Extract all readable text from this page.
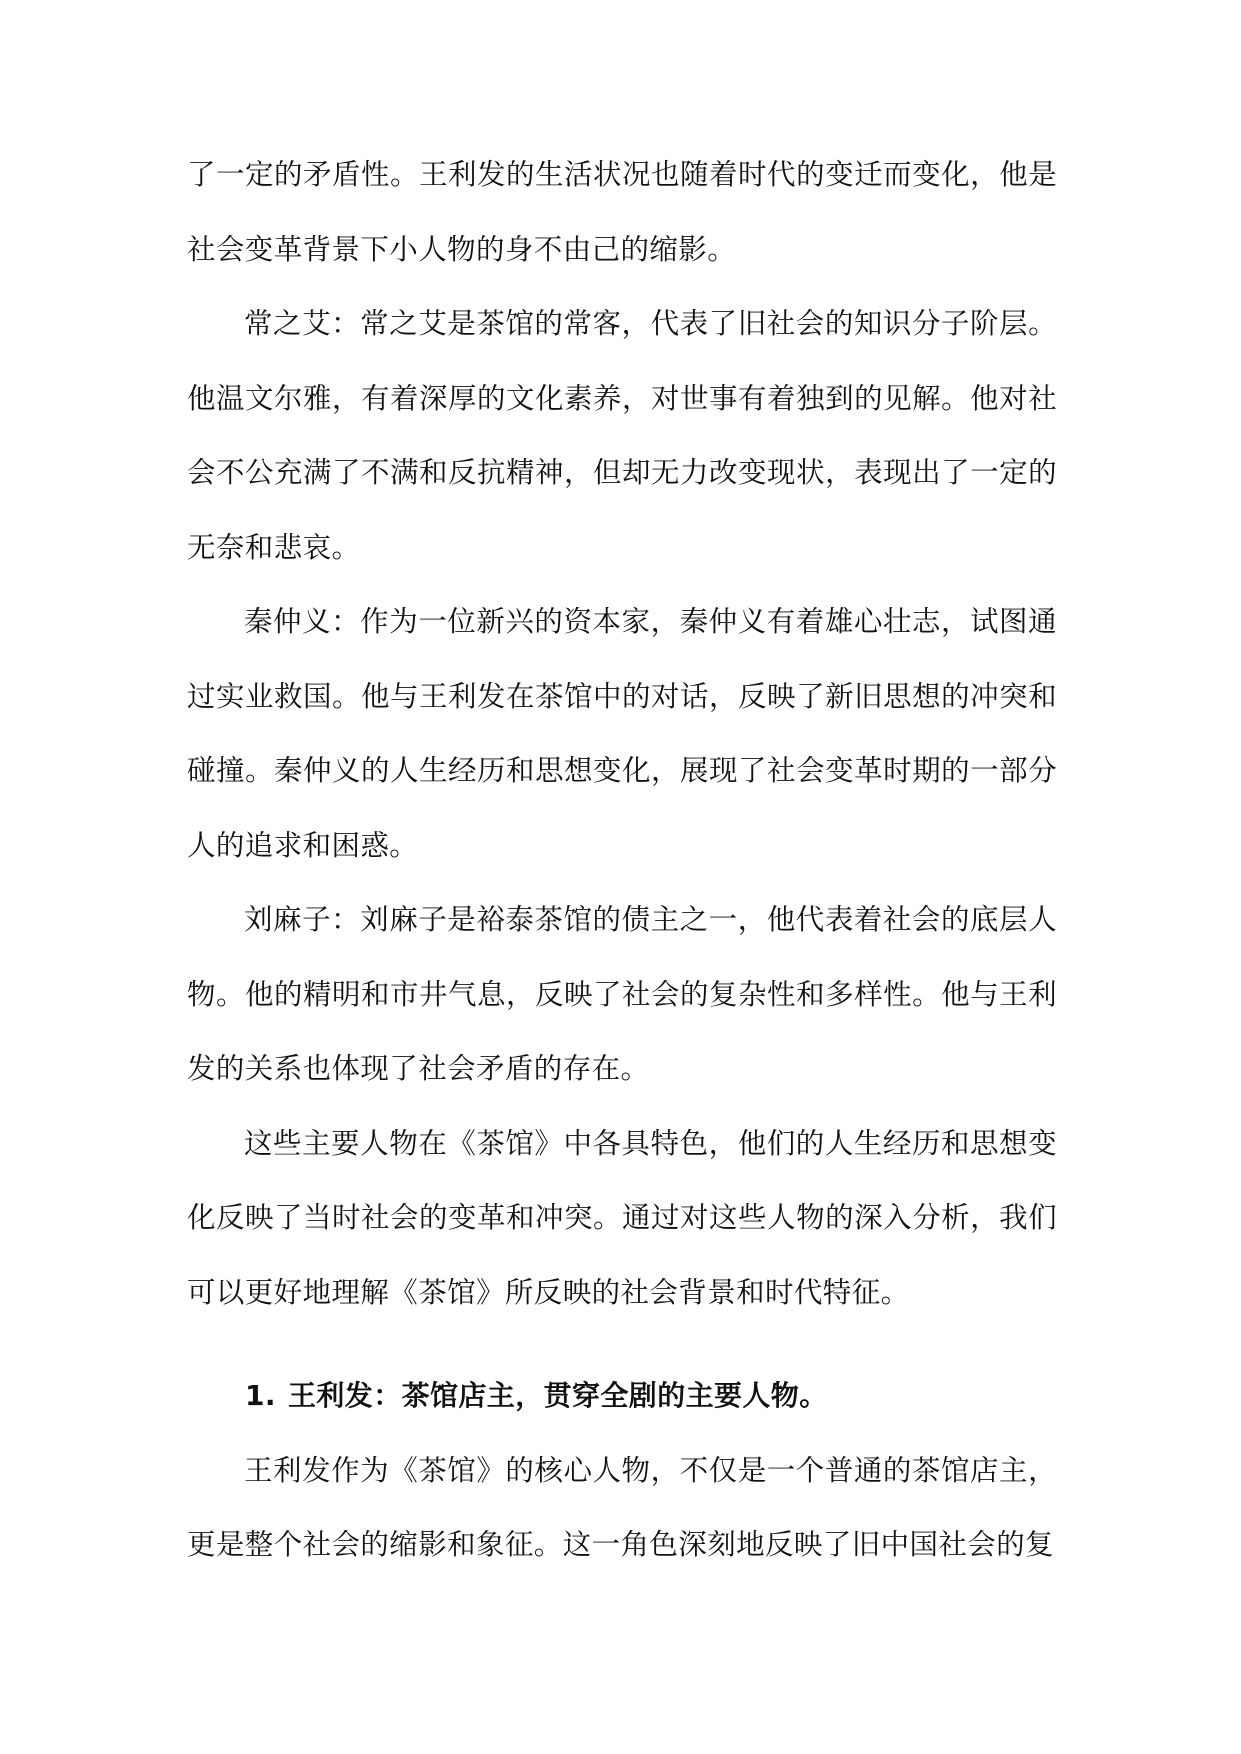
了一定的矛盾性。王利发的生活状况也随着时代的变迁而变化，他是社会变革背景下小人物的身不由己的缩影。

常之艾：常之艾是茶馆的常客，代表了旧社会的知识分子阶层。他温文尔雅，有着深厚的文化素养，对世事有着独到的见解。他对社会不公充满了不满和反抗精神，但却无力改变现状，表现出了一定的无奈和悲哀。

秦仲义：作为一位新兴的资本家，秦仲义有着雄心壮志，试图通过实业救国。他与王利发在茶馆中的对话，反映了新旧思想的冲突和碰撞。秦仲义的人生经历和思想变化，展现了社会变革时期的一部分人的追求和困惑。

刘麻子：刘麻子是裕泰茶馆的债主之一，他代表着社会的底层人物。他的精明和市井气息，反映了社会的复杂性和多样性。他与王利发的关系也体现了社会矛盾的存在。

这些主要人物在《茶馆》中各具特色，他们的人生经历和思想变化反映了当时社会的变革和冲突。通过对这些人物的深入分析，我们可以更好地理解《茶馆》所反映的社会背景和时代特征。

1. 王利发：茶馆店主，贯穿全剧的主要人物。

王利发作为《茶馆》的核心人物，不仅是一个普通的茶馆店主，更是整个社会的缩影和象征。这一角色深刻地反映了旧中国社会的复
